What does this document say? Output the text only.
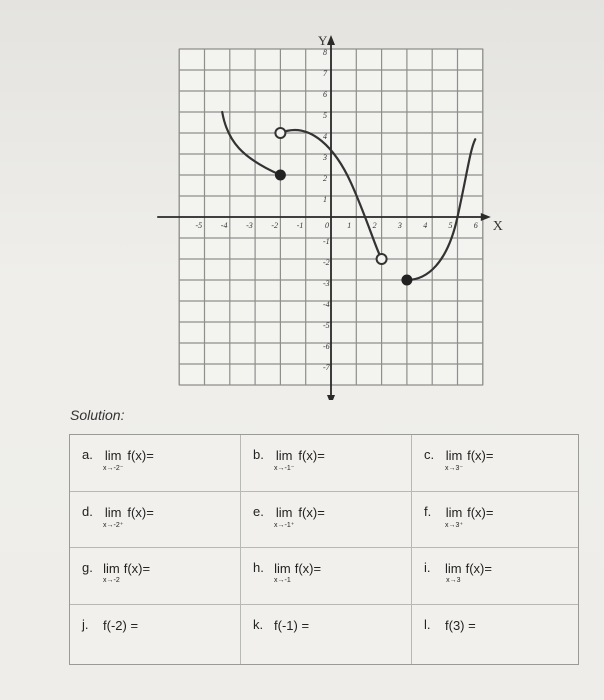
Y
X
-5 -4 -3 -2 -1	0 1	2	3	4	5	6
8
7
6
5
4
3
2
1
-1
-2
-3
-4
-5
-6
-7
Solution:
a. lim
x→-2⁻
f(x)=	b. lim
x→-1⁻
f(x)=	c. lim
x→3⁻
f(x)=
d. lim
x→-2⁺
f(x)=	e. lim
x→-1⁺
f(x)=	f. lim
x→3⁺
f(x)=
g. lim
x→-2
f(x)=	h. lim
x→-1
f(x)=	i. lim
x→3
f(x)=
j. f(-2) =	k. f(-1) =	l. f(3) =
